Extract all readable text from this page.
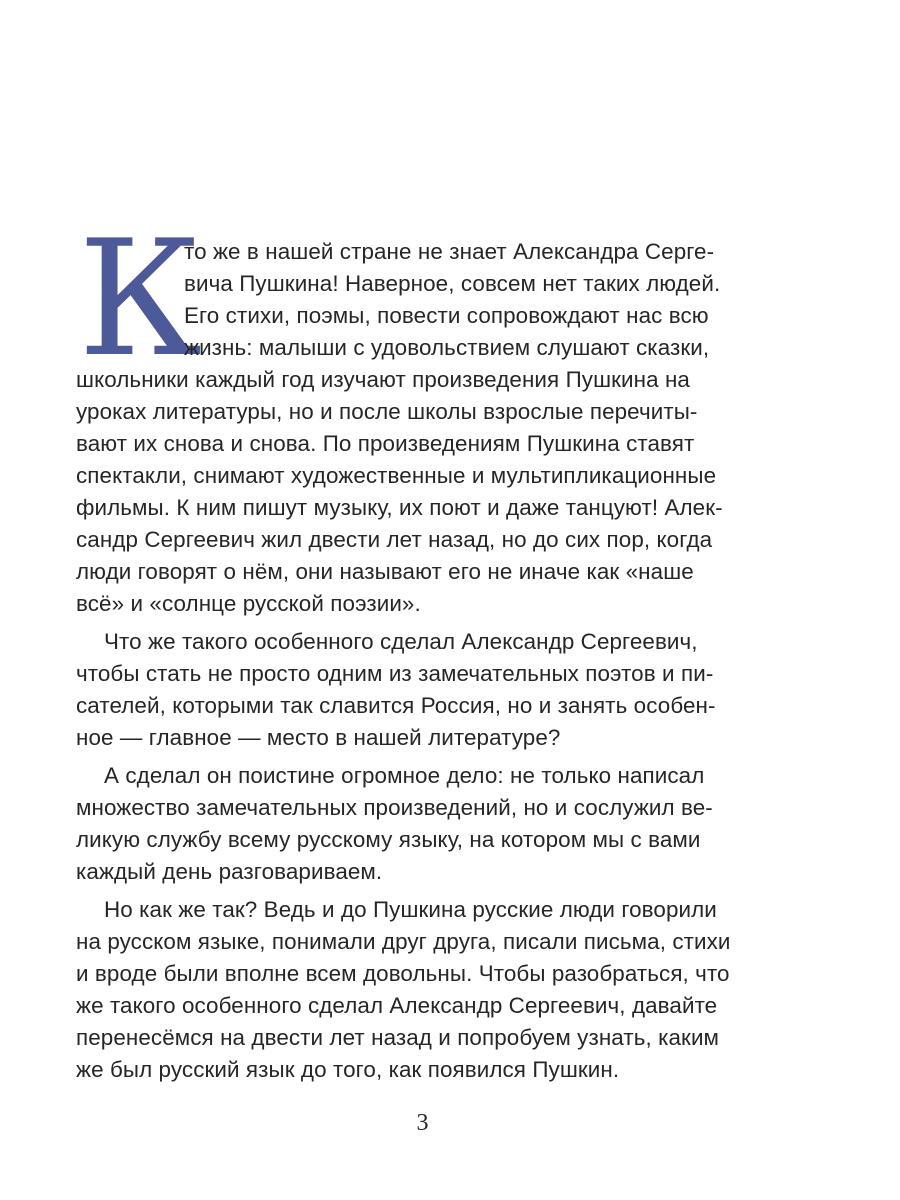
К
то же в нашей стране не знает Александра Серге-
вича Пушкина! Наверное, совсем нет таких людей.
Его стихи, поэмы, повести сопровождают нас всю
жизнь: малыши с удовольствием слушают сказки,
школьники каждый год изучают произведения Пушкина на
уроках литературы, но и после школы взрослые перечиты-
вают их снова и снова. По произведениям Пушкина ставят
спектакли, снимают художественные и мультипликационные
фильмы. К ним пишут музыку, их поют и даже танцуют! Алек-
сандр Сергеевич жил двести лет назад, но до сих пор, когда
люди говорят о нём, они называют его не иначе как «наше
всё» и «солнце русской поэзии».
Что же такого особенного сделал Александр Сергеевич,
чтобы стать не просто одним из замечательных поэтов и пи-
сателей, которыми так славится Россия, но и занять особен-
ное — главное — место в нашей литературе?
А сделал он поистине огромное дело: не только написал
множество замечательных произведений, но и сослужил ве-
ликую службу всему русскому языку, на котором мы с вами
каждый день разговариваем.
Но как же так? Ведь и до Пушкина русские люди говорили
на русском языке, понимали друг друга, писали письма, стихи
и вроде были вполне всем довольны. Чтобы разобраться, что
же такого особенного сделал Александр Сергеевич, давайте
перенесёмся на двести лет назад и попробуем узнать, каким
же был русский язык до того, как появился Пушкин.
3
